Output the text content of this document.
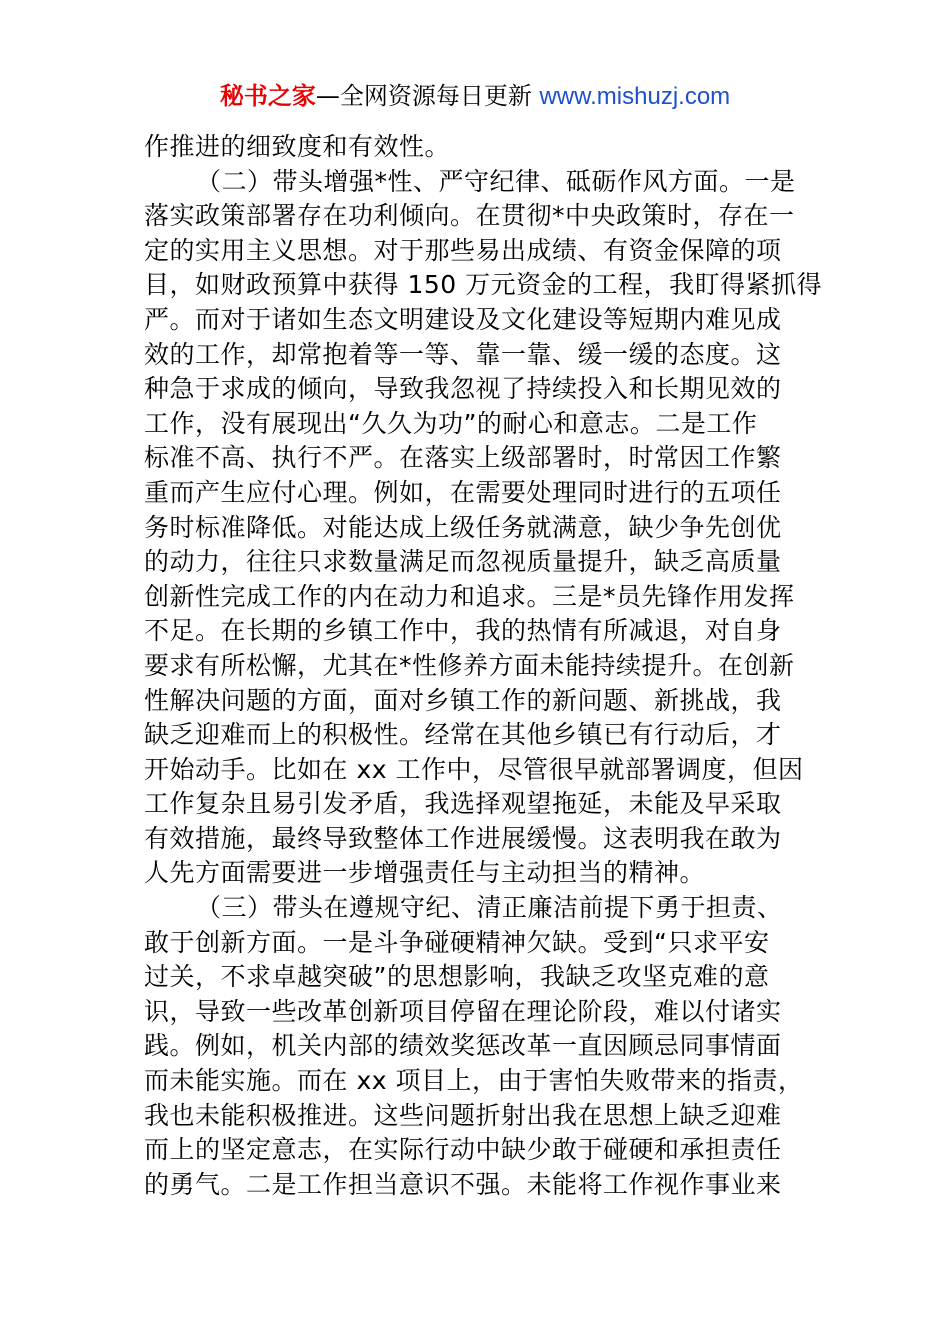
秘书之家—全网资源每日更新 www.mishuzj.com
作推进的细致度和有效性。
（二）带头增强*性、严守纪律、砥砺作风方面。一是
落实政策部署存在功利倾向。在贯彻*中央政策时，存在一
定的实用主义思想。对于那些易出成绩、有资金保障的项
目，如财政预算中获得 150 万元资金的工程，我盯得紧抓得
严。而对于诸如生态文明建设及文化建设等短期内难见成
效的工作，却常抱着等一等、靠一靠、缓一缓的态度。这
种急于求成的倾向，导致我忽视了持续投入和长期见效的
工作，没有展现出“久久为功”的耐心和意志。二是工作
标准不高、执行不严。在落实上级部署时，时常因工作繁
重而产生应付心理。例如，在需要处理同时进行的五项任
务时标准降低。对能达成上级任务就满意，缺少争先创优
的动力，往往只求数量满足而忽视质量提升，缺乏高质量
创新性完成工作的内在动力和追求。三是*员先锋作用发挥
不足。在长期的乡镇工作中，我的热情有所减退，对自身
要求有所松懈，尤其在*性修养方面未能持续提升。在创新
性解决问题的方面，面对乡镇工作的新问题、新挑战，我
缺乏迎难而上的积极性。经常在其他乡镇已有行动后，才
开始动手。比如在 xx 工作中，尽管很早就部署调度，但因
工作复杂且易引发矛盾，我选择观望拖延，未能及早采取
有效措施，最终导致整体工作进展缓慢。这表明我在敢为
人先方面需要进一步增强责任与主动担当的精神。
（三）带头在遵规守纪、清正廉洁前提下勇于担责、
敢于创新方面。一是斗争碰硬精神欠缺。受到“只求平安
过关，不求卓越突破”的思想影响，我缺乏攻坚克难的意
识，导致一些改革创新项目停留在理论阶段，难以付诸实
践。例如，机关内部的绩效奖惩改革一直因顾忌同事情面
而未能实施。而在 xx 项目上，由于害怕失败带来的指责，
我也未能积极推进。这些问题折射出我在思想上缺乏迎难
而上的坚定意志，在实际行动中缺少敢于碰硬和承担责任
的勇气。二是工作担当意识不强。未能将工作视作事业来
